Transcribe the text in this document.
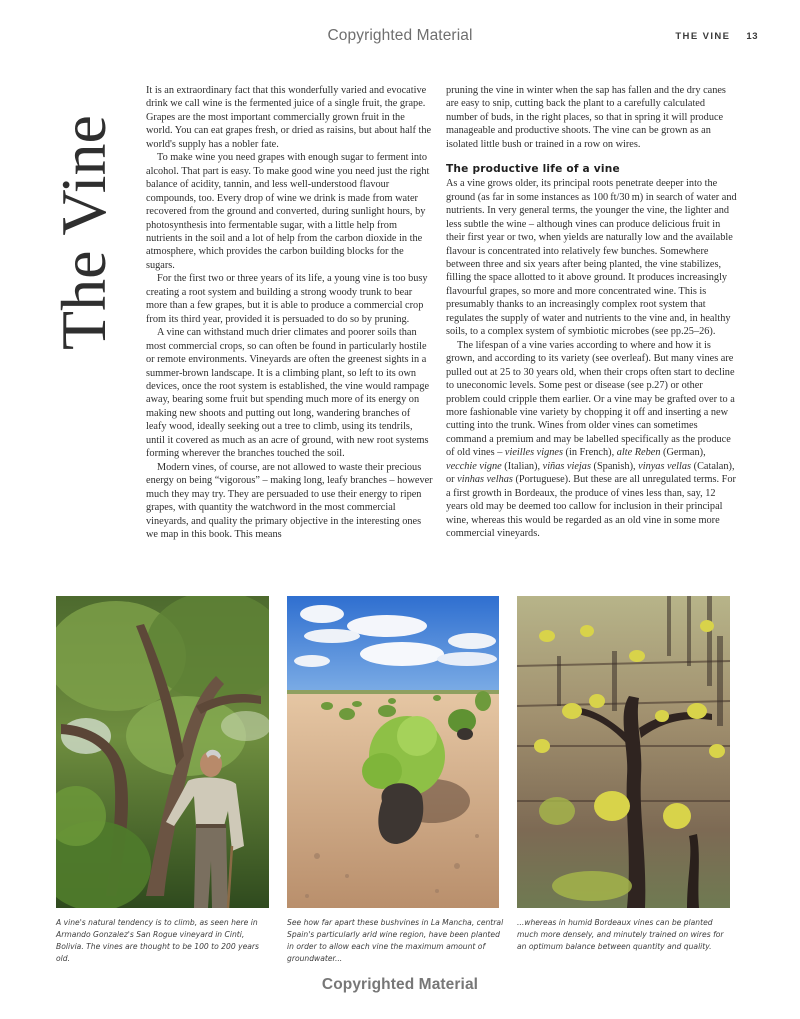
Copyrighted Material	THE VINE 13
The Vine

It is an extraordinary fact that this wonderfully varied and evocative drink we call wine is the fermented juice of a single fruit, the grape. Grapes are the most important commercially grown fruit in the world. You can eat grapes fresh, or dried as raisins, but about half the world's supply has a nobler fate.

To make wine you need grapes with enough sugar to ferment into alcohol. That part is easy. To make good wine you need just the right balance of acidity, tannin, and less well-understood flavour compounds, too. Every drop of wine we drink is made from water recovered from the ground and converted, during sunlight hours, by photosynthesis into fermentable sugar, with a little help from nutrients in the soil and a lot of help from the carbon dioxide in the atmosphere, which provides the carbon building blocks for the sugars.

For the first two or three years of its life, a young vine is too busy creating a root system and building a strong woody trunk to bear more than a few grapes, but it is able to produce a commercial crop from its third year, provided it is persuaded to do so by pruning.

A vine can withstand much drier climates and poorer soils than most commercial crops, so can often be found in particularly hostile or remote environments. Vineyards are often the greenest sights in a summer-brown landscape. It is a climbing plant, so left to its own devices, once the root system is established, the vine would rampage away, bearing some fruit but spending much more of its energy on making new shoots and putting out long, wandering branches of leafy wood, ideally seeking out a tree to climb, using its tendrils, until it covered as much as an acre of ground, with new root systems forming wherever the branches touched the soil.

Modern vines, of course, are not allowed to waste their precious energy on being “vigorous” – making long, leafy branches – however much they may try. They are persuaded to use their energy to ripen grapes, with quantity the watchword in the most commercial vineyards, and quality the primary objective in the interesting ones we map in this book. This means

pruning the vine in winter when the sap has fallen and the dry canes are easy to snip, cutting back the plant to a carefully calculated number of buds, in the right places, so that in spring it will produce manageable and productive shoots. The vine can be grown as an isolated little bush or trained in a row on wires.

The productive life of a vine

As a vine grows older, its principal roots penetrate deeper into the ground (as far in some instances as 100 ft/30 m) in search of water and nutrients. In very general terms, the younger the vine, the lighter and less subtle the wine – although vines can produce delicious fruit in their first year or two, when yields are naturally low and the available flavour is concentrated into relatively few bunches. Somewhere between three and six years after being planted, the vine stabilizes, filling the space allotted to it above ground. It produces increasingly flavourful grapes, so more and more concentrated wine. This is presumably thanks to an increasingly complex root system that regulates the supply of water and nutrients to the vine and, in healthy soils, to a complex system of symbiotic microbes (see pp.25–26).

The lifespan of a vine varies according to where and how it is grown, and according to its variety (see overleaf). But many vines are pulled out at 25 to 30 years old, when their crops often start to decline to uneconomic levels. Some pest or disease (see p.27) or other problem could cripple them earlier. Or a vine may be grafted over to a more fashionable vine variety by chopping it off and inserting a new cutting into the trunk. Wines from older vines can sometimes command a premium and may be labelled specifically as the produce of old vines – vieilles vignes (in French), alte Reben (German), vecchie vigne (Italian), viñas viejas (Spanish), vinyas vellas (Catalan), or vinhas velhas (Portuguese). But these are all unregulated terms. For a first growth in Bordeaux, the produce of vines less than, say, 12 years old may be deemed too callow for inclusion in their principal wine, whereas this would be regarded as an old vine in some more commercial vineyards.

A vine's natural tendency is to climb, as seen here in Armando Gonzalez's San Rogue vineyard in Cinti, Bolivia. The vines are thought to be 100 to 200 years old.
See how far apart these bushvines in La Mancha, central Spain's particularly arid wine region, have been planted in order to allow each vine the maximum amount of groundwater...
...whereas in humid Bordeaux vines can be planted much more densely, and minutely trained on wires for an optimum balance between quantity and quality.
Copyrighted Material
